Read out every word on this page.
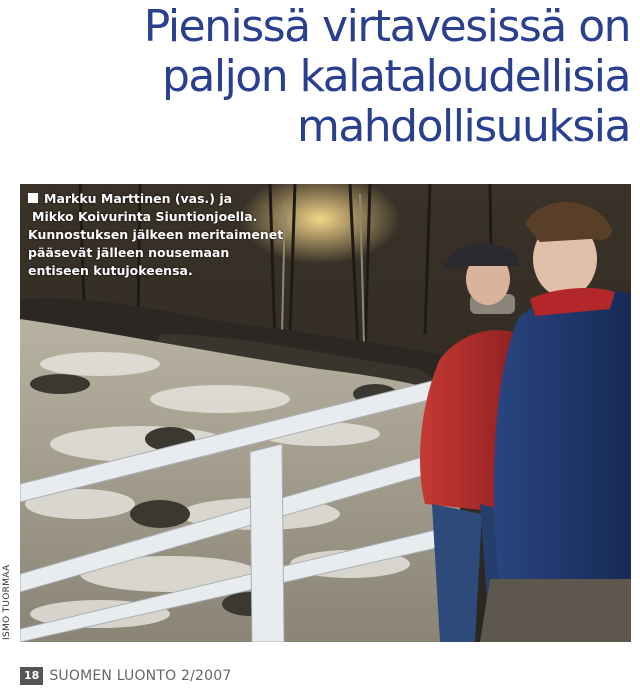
Pienissä virtavesissä on
paljon kalataloudellisia
mahdollisuuksia
Markku Marttinen (vas.) ja
Mikko Koivurinta Siuntionjoella.
Kunnostuksen jälkeen meritaimenet
pääsevät jälleen nousemaan
entiseen kutujokeensa.
ISMO TUORMAA
18 SUOMEN LUONTO 2/2007
